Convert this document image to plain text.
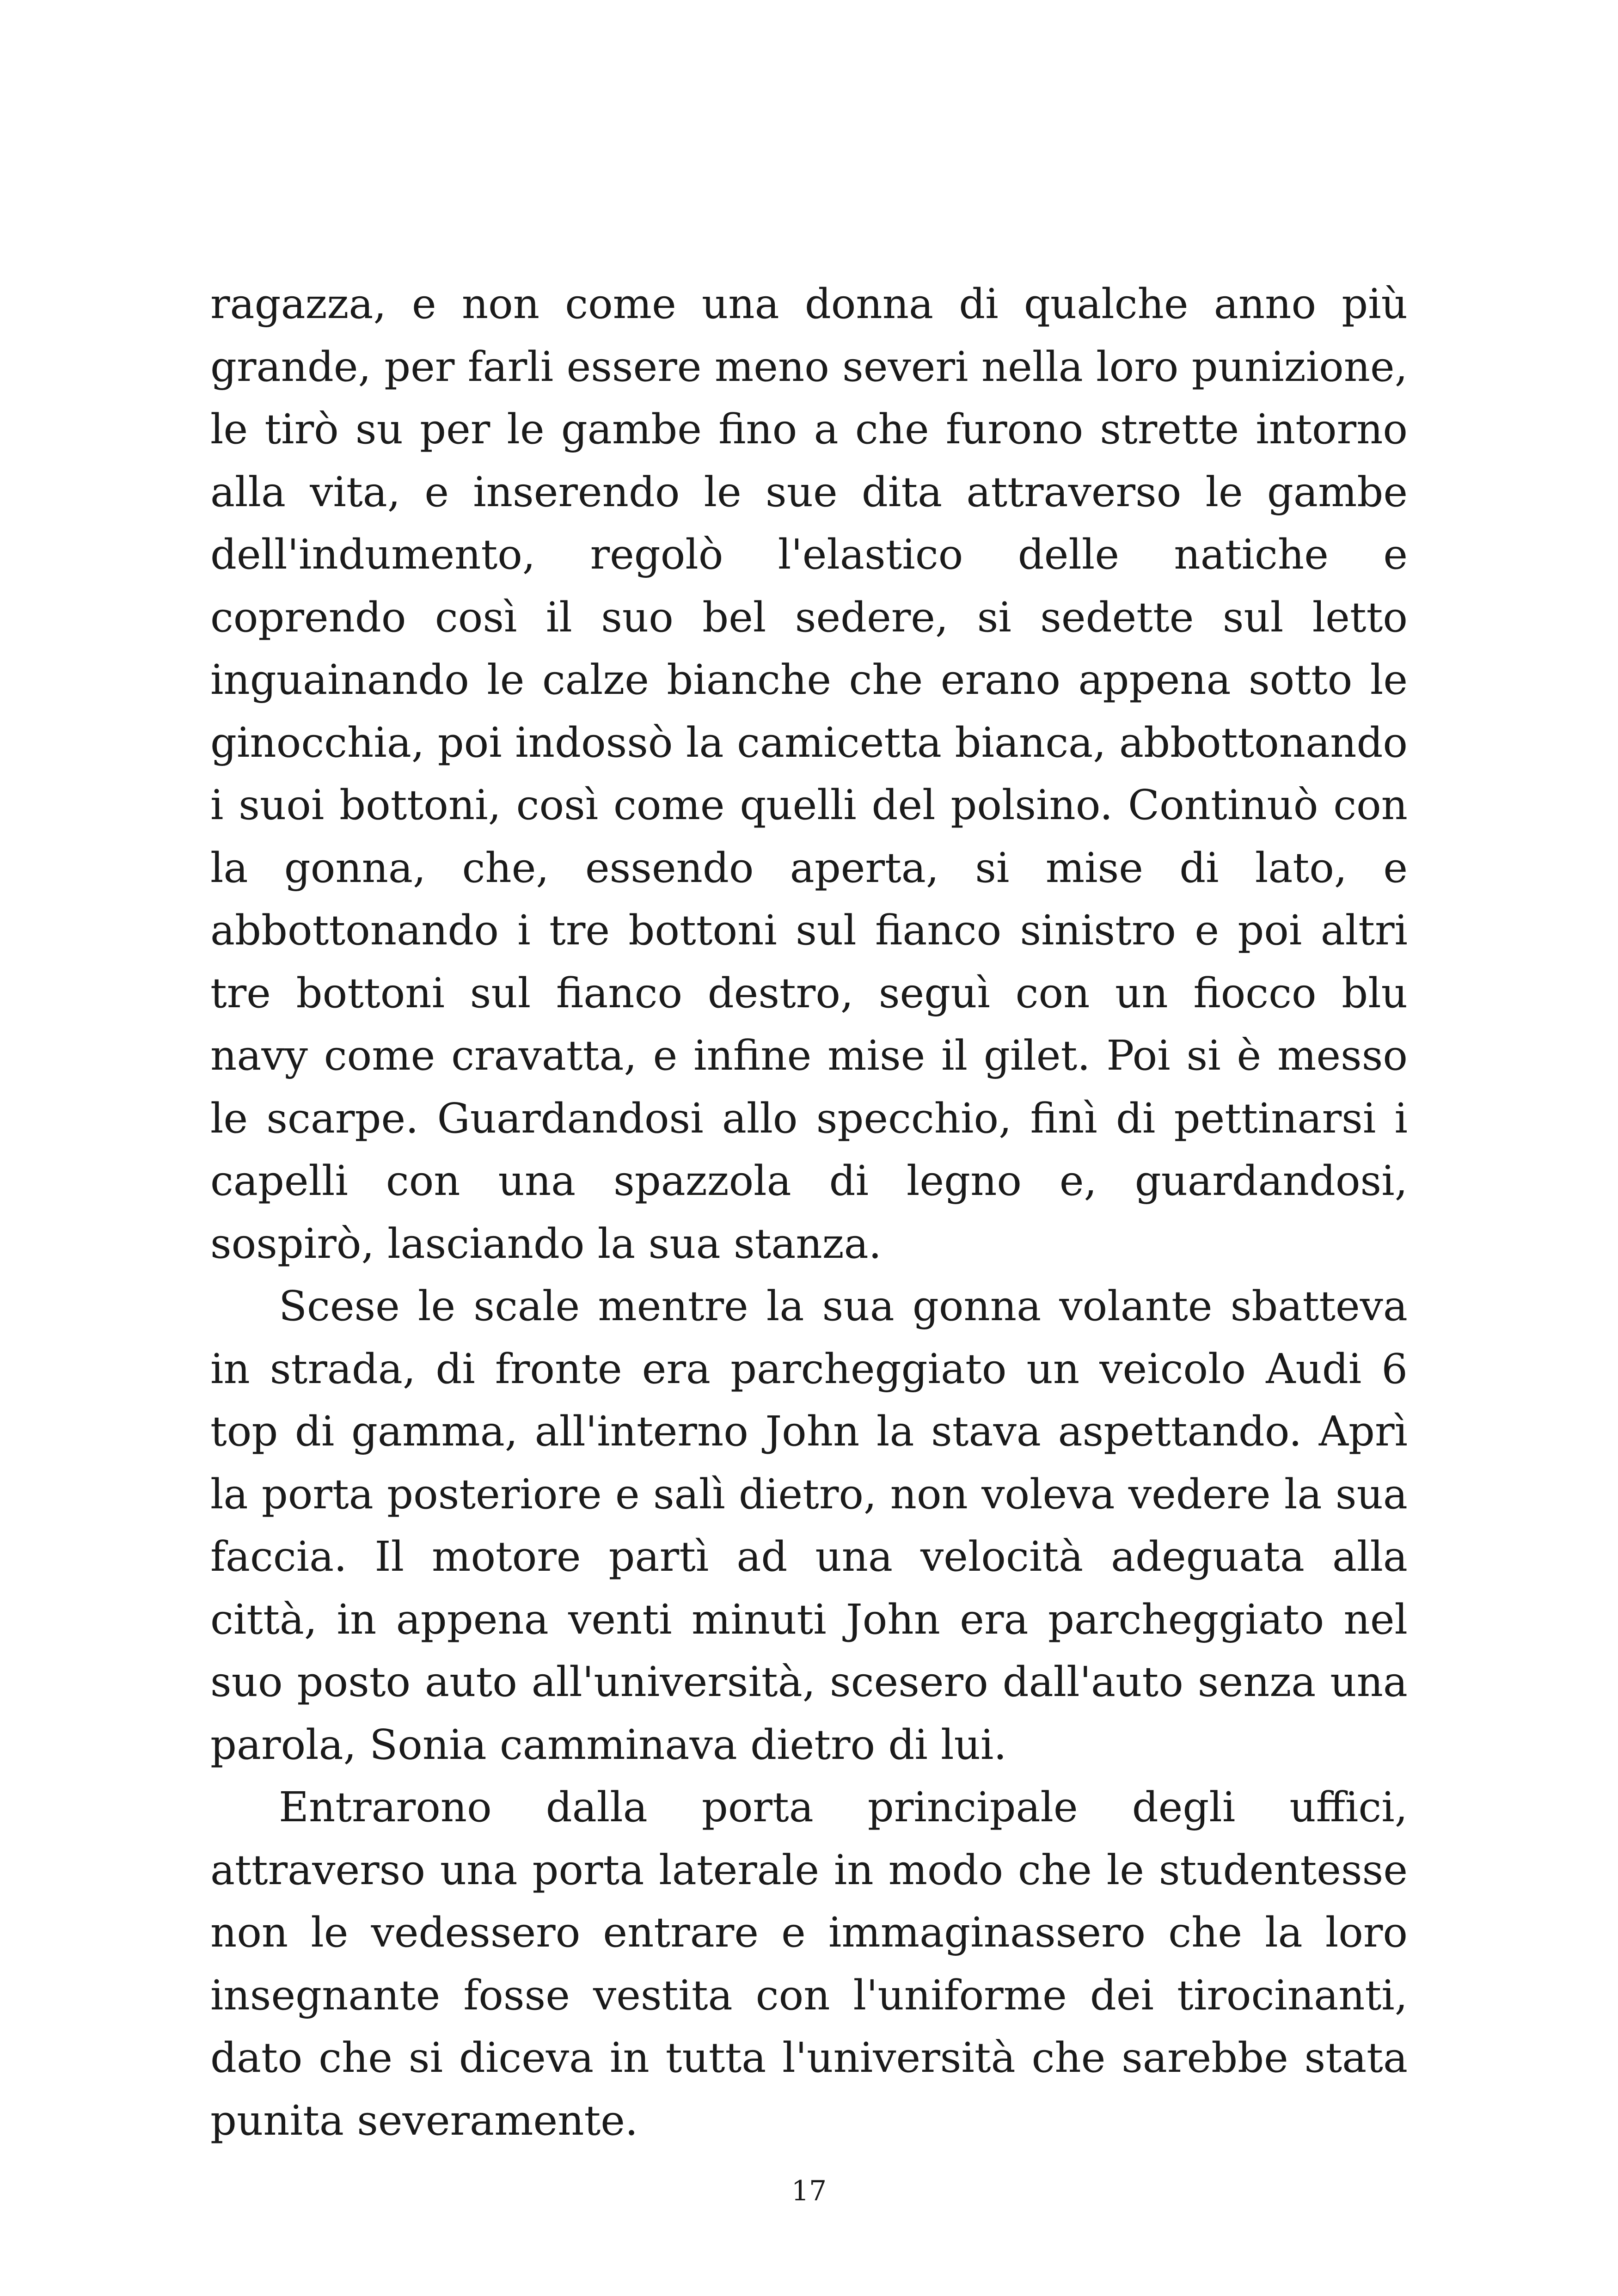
ragazza, e non come una donna di qualche anno più grande, per farli essere meno severi nella loro punizione, le tirò su per le gambe fino a che furono strette intorno alla vita, e inserendo le sue dita attraverso le gambe dell'indumento, regolò l'elastico delle natiche e coprendo così il suo bel sedere, si sedette sul letto inguainando le calze bianche che erano appena sotto le ginocchia, poi indossò la camicetta bianca, abbottonando i suoi bottoni, così come quelli del polsino. Continuò con la gonna, che, essendo aperta, si mise di lato, e abbottonando i tre bottoni sul fianco sinistro e poi altri tre bottoni sul fianco destro, seguì con un fiocco blu navy come cravatta, e infine mise il gilet. Poi si è messo le scarpe. Guardandosi allo specchio, finì di pettinarsi i capelli con una spazzola di legno e, guardandosi, sospirò, lasciando la sua stanza.

Scese le scale mentre la sua gonna volante sbatteva in strada, di fronte era parcheggiato un veicolo Audi 6 top di gamma, all'interno John la stava aspettando. Aprì la porta posteriore e salì dietro, non voleva vedere la sua faccia. Il motore partì ad una velocità adeguata alla città, in appena venti minuti John era parcheggiato nel suo posto auto all'università, scesero dall'auto senza una parola, Sonia camminava dietro di lui.

Entrarono dalla porta principale degli uffici, attraverso una porta laterale in modo che le studentesse non le vedessero entrare e immaginassero che la loro insegnante fosse vestita con l'uniforme dei tirocinanti, dato che si diceva in tutta l'università che sarebbe stata punita severamente.

17
